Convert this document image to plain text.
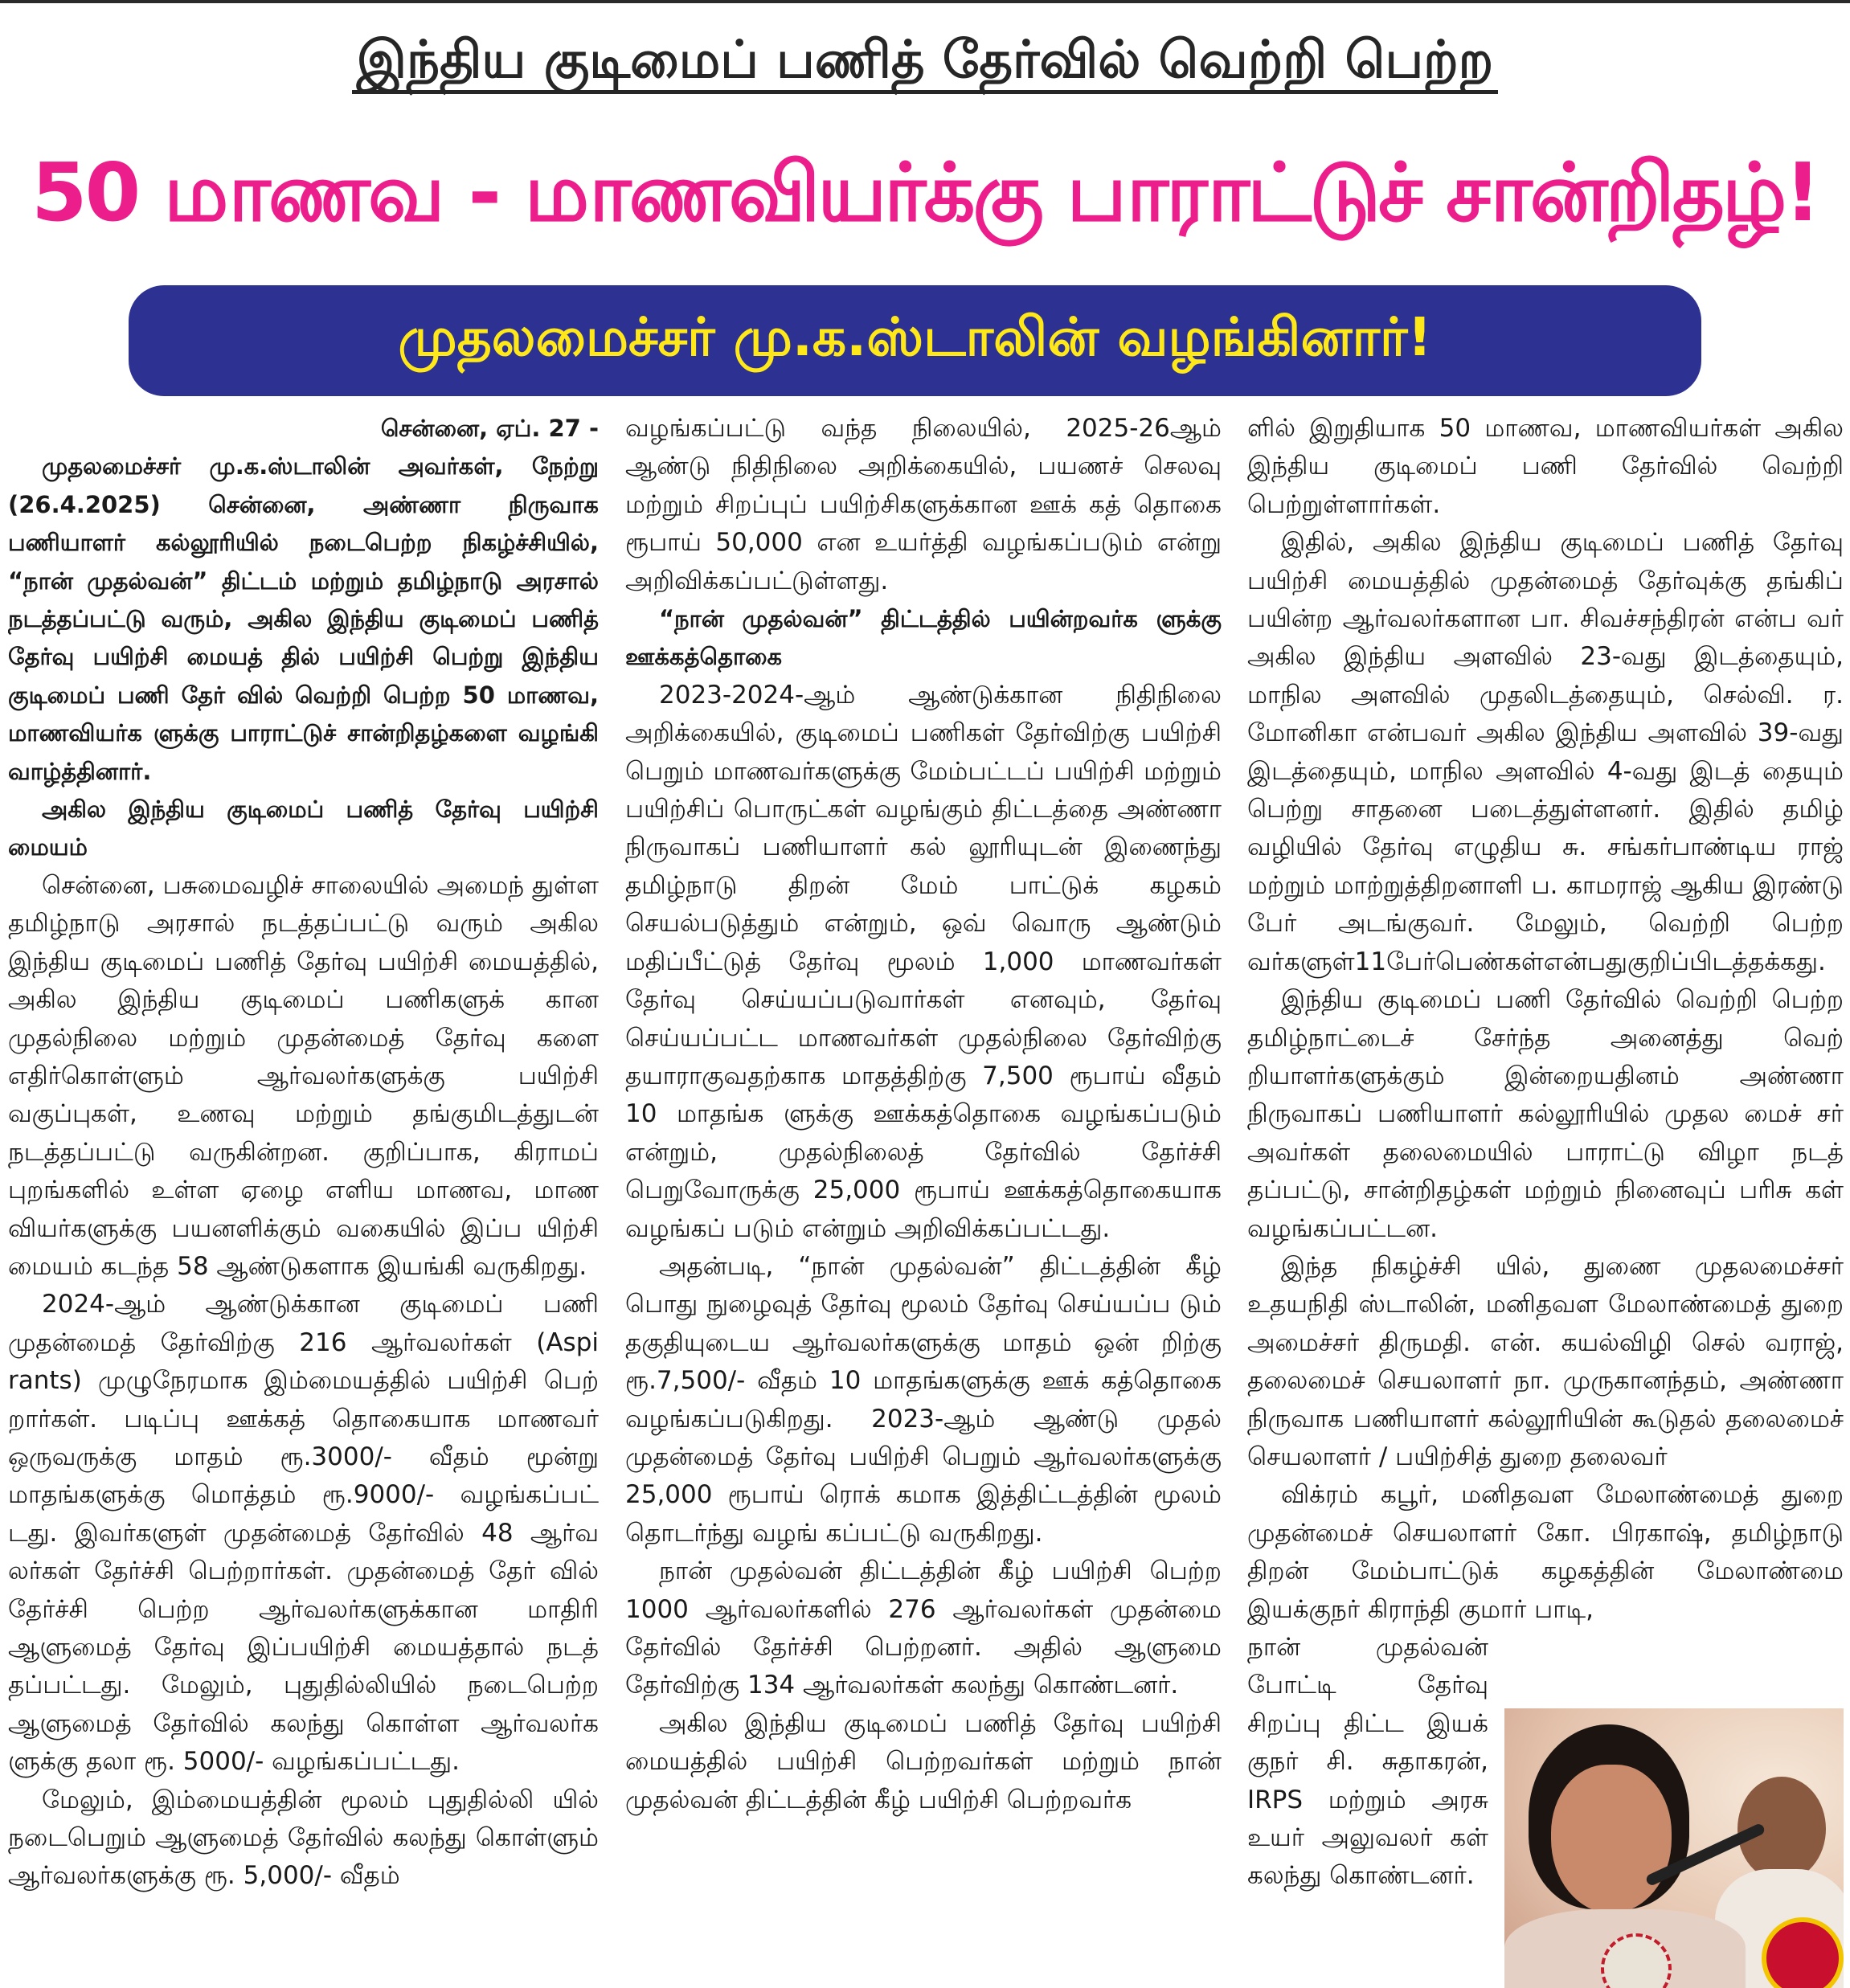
இந்திய குடிமைப் பணித் தேர்வில் வெற்றி பெற்ற
50 மாணவ - மாணவியர்க்கு பாராட்டுச் சான்றிதழ்!
முதலமைச்சர் மு.க.ஸ்டாலின் வழங்கினார்!

சென்னை, ஏப். 27 -

முதலமைச்சர் மு.க.ஸ்டாலின் அவர்கள், நேற்று (26.4.2025) சென்னை, அண்ணா நிருவாக பணியாளர் கல்லூரியில் நடைபெற்ற நிகழ்ச்சியில், “நான் முதல்வன்” திட்டம் மற்றும் தமிழ்நாடு அரசால் நடத்தப்பட்டு வரும், அகில இந்திய குடிமைப் பணித் தேர்வு பயிற்சி மையத் தில் பயிற்சி பெற்று இந்திய குடிமைப் பணி தேர் வில் வெற்றி பெற்ற 50 மாணவ, மாணவியர்க ளுக்கு பாராட்டுச் சான்றிதழ்களை வழங்கி வாழ்த்தினார்.

அகில இந்திய குடிமைப் பணித் தேர்வு பயிற்சி மையம்

சென்னை, பசுமைவழிச் சாலையில் அமைந் துள்ள தமிழ்நாடு அரசால் நடத்தப்பட்டு வரும் அகில இந்திய குடிமைப் பணித் தேர்வு பயிற்சி மையத்தில், அகில இந்திய குடிமைப் பணிகளுக் கான முதல்நிலை மற்றும் முதன்மைத் தேர்வு களை எதிர்கொள்ளும் ஆர்வலர்களுக்கு பயிற்சி வகுப்புகள், உணவு மற்றும் தங்குமிடத்துடன் நடத்தப்பட்டு வருகின்றன. குறிப்பாக, கிராமப் புறங்களில் உள்ள ஏழை எளிய மாணவ, மாண வியர்களுக்கு பயனளிக்கும் வகையில் இப்ப யிற்சி மையம் கடந்த 58 ஆண்டுகளாக இயங்கி வருகிறது.

2024-ஆம் ஆண்டுக்கான குடிமைப் பணி முதன்மைத் தேர்விற்கு 216 ஆர்வலர்கள் (Aspi rants) முழுநேரமாக இம்மையத்தில் பயிற்சி பெற் றார்கள். படிப்பு ஊக்கத் தொகையாக மாணவர் ஒருவருக்கு மாதம் ரூ.3000/- வீதம் மூன்று மாதங்களுக்கு மொத்தம் ரூ.9000/- வழங்கப்பட் டது. இவர்களுள் முதன்மைத் தேர்வில் 48 ஆர்வ லர்கள் தேர்ச்சி பெற்றார்கள். முதன்மைத் தேர் வில் தேர்ச்சி பெற்ற ஆர்வலர்களுக்கான மாதிரி ஆளுமைத் தேர்வு இப்பயிற்சி மையத்தால் நடத் தப்பட்டது. மேலும், புதுதில்லியில் நடைபெற்ற ஆளுமைத் தேர்வில் கலந்து கொள்ள ஆர்வலர்க ளுக்கு தலா ரூ. 5000/- வழங்கப்பட்டது.

மேலும், இம்மையத்தின் மூலம் புதுதில்லி யில் நடைபெறும் ஆளுமைத் தேர்வில் கலந்து கொள்ளும் ஆர்வலர்களுக்கு ரூ. 5,000/- வீதம்

வழங்கப்பட்டு வந்த நிலையில், 2025-26ஆம் ஆண்டு நிதிநிலை அறிக்கையில், பயணச் செலவு மற்றும் சிறப்புப் பயிற்சிகளுக்கான ஊக் கத் தொகை ரூபாய் 50,000 என உயர்த்தி வழங்கப்படும் என்று அறிவிக்கப்பட்டுள்ளது.

“நான் முதல்வன்” திட்டத்தில் பயின்றவர்க ளுக்கு ஊக்கத்தொகை

2023-2024-ஆம் ஆண்டுக்கான நிதிநிலை அறிக்கையில், குடிமைப் பணிகள் தேர்விற்கு பயிற்சி பெறும் மாணவர்களுக்கு மேம்பட்டப் பயிற்சி மற்றும் பயிற்சிப் பொருட்கள் வழங்கும் திட்டத்தை அண்ணா நிருவாகப் பணியாளர் கல் லூரியுடன் இணைந்து தமிழ்நாடு திறன் மேம் பாட்டுக் கழகம் செயல்படுத்தும் என்றும், ஒவ் வொரு ஆண்டும் மதிப்பீட்டுத் தேர்வு மூலம் 1,000 மாணவர்கள் தேர்வு செய்யப்படுவார்கள் எனவும், தேர்வு செய்யப்பட்ட மாணவர்கள் முதல்நிலை தேர்விற்கு தயாராகுவதற்காக மாதத்திற்கு 7,500 ரூபாய் வீதம் 10 மாதங்க ளுக்கு ஊக்கத்தொகை வழங்கப்படும் என்றும், முதல்நிலைத் தேர்வில் தேர்ச்சி பெறுவோருக்கு 25,000 ரூபாய் ஊக்கத்தொகையாக வழங்கப் படும் என்றும் அறிவிக்கப்பட்டது.

அதன்படி, “நான் முதல்வன்” திட்டத்தின் கீழ் பொது நுழைவுத் தேர்வு மூலம் தேர்வு செய்யப்ப டும் தகுதியுடைய ஆர்வலர்களுக்கு மாதம் ஒன் றிற்கு ரூ.7,500/- வீதம் 10 மாதங்களுக்கு ஊக் கத்தொகை வழங்கப்படுகிறது. 2023-ஆம் ஆண்டு முதல் முதன்மைத் தேர்வு பயிற்சி பெறும் ஆர்வலர்களுக்கு 25,000 ரூபாய் ரொக் கமாக இத்திட்டத்தின் மூலம் தொடர்ந்து வழங் கப்பட்டு வருகிறது.

நான் முதல்வன் திட்டத்தின் கீழ் பயிற்சி பெற்ற 1000 ஆர்வலர்களில் 276 ஆர்வலர்கள் முதன்மை தேர்வில் தேர்ச்சி பெற்றனர். அதில் ஆளுமை தேர்விற்கு 134 ஆர்வலர்கள் கலந்து கொண்டனர்.

அகில இந்திய குடிமைப் பணித் தேர்வு பயிற்சி மையத்தில் பயிற்சி பெற்றவர்கள் மற்றும் நான் முதல்வன் திட்டத்தின் கீழ் பயிற்சி பெற்றவர்க

ளில் இறுதியாக 50 மாணவ, மாணவியர்கள் அகில இந்திய குடிமைப் பணி தேர்வில் வெற்றி பெற்றுள்ளார்கள்.

இதில், அகில இந்திய குடிமைப் பணித் தேர்வு பயிற்சி மையத்தில் முதன்மைத் தேர்வுக்கு தங்கிப் பயின்ற ஆர்வலர்களான பா. சிவச்சந்திரன் என்ப வர் அகில இந்திய அளவில் 23-வது இடத்தையும், மாநில அளவில் முதலிடத்தையும், செல்வி. ர. மோனிகா என்பவர் அகில இந்திய அளவில் 39-வது இடத்தையும், மாநில அளவில் 4-வது இடத் தையும் பெற்று சாதனை படைத்துள்ளனர். இதில் தமிழ் வழியில் தேர்வு எழுதிய சு. சங்கர்பாண்டிய ராஜ் மற்றும் மாற்றுத்திறனாளி ப. காமராஜ் ஆகிய இரண்டு பேர் அடங்குவர். மேலும், வெற்றி பெற்ற வர்களுள்11பேர்பெண்கள்என்பதுகுறிப்பிடத்தக்கது.

இந்திய குடிமைப் பணி தேர்வில் வெற்றி பெற்ற தமிழ்நாட்டைச் சேர்ந்த அனைத்து வெற் றியாளர்களுக்கும் இன்றையதினம் அண்ணா நிருவாகப் பணியாளர் கல்லூரியில் முதல மைச் சர் அவர்கள் தலைமையில் பாராட்டு விழா நடத் தப்பட்டு, சான்றிதழ்கள் மற்றும் நினைவுப் பரிசு கள் வழங்கப்பட்டன.

இந்த நிகழ்ச்சி யில், துணை முதலமைச்சர் உதயநிதி ஸ்டாலின், மனிதவள மேலாண்மைத் துறை அமைச்சர் திருமதி. என். கயல்விழி செல் வராஜ், தலைமைச் செயலாளர் நா. முருகானந்தம், அண்ணா நிருவாக பணியாளர் கல்லூரியின் கூடுதல் தலைமைச் செயலாளர் / பயிற்சித் துறை தலைவர்

விக்ரம் கபூர், மனிதவள மேலாண்மைத் துறை முதன்மைச் செயலாளர் கோ. பிரகாஷ், தமிழ்நாடு திறன் மேம்பாட்டுக் கழகத்தின் மேலாண்மை இயக்குநர் கிராந்தி குமார் பாடி,

நான் முதல்வன் போட்டி தேர்வு சிறப்பு திட்ட இயக் குநர் சி. சுதாகரன், IRPS மற்றும் அரசு உயர் அலுவலர் கள் கலந்து கொண்டனர்.
